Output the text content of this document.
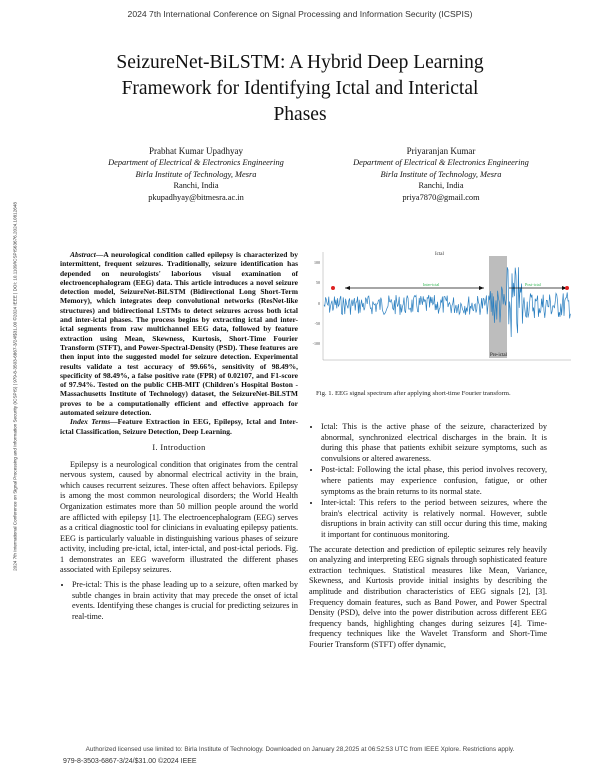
2024 7th International Conference on Signal Processing and Information Security (ICSPIS)
2024 7th International Conference on Signal Processing and Information Security (ICSPIS) | 979-8-3503-6867-3/24/$31.00 ©2024 IEEE | DOI: 10.1109/ICSPIS63676.2024.10812648
SeizureNet-BiLSTM: A Hybrid Deep Learning
Framework for Identifying Ictal and Interictal
Phases
Prabhat Kumar Upadhyay
Department of Electrical & Electronics Engineering
Birla Institute of Technology, Mesra
Ranchi, India
pkupadhyay@bitmesra.ac.in
Priyaranjan Kumar
Department of Electrical & Electronics Engineering
Birla Institute of Technology, Mesra
Ranchi, India
priya7870@gmail.com

Abstract—A neurological condition called epilepsy is characterized by intermittent, frequent seizures. Traditionally, seizure identification has depended on neurologists' laborious visual examination of electroencephalogram (EEG) data. This article introduces a novel seizure detection model, SeizureNet-BiLSTM (Bidirectional Long Short-Term Memory), which integrates deep convolutional networks (ResNet-like structures) and bidirectional LSTMs to detect seizures across both ictal and inter-ictal phases. The process begins by extracting ictal and inter-ictal segments from raw multichannel EEG data, followed by feature extraction using Mean, Skewness, Kurtosis, Short-Time Fourier Transform (STFT), and Power-Spectral-Density (PSD). These features are then input into the suggested model for seizure detection. Experimental results validate a test accuracy of 99.66%, sensitivity of 98.49%, specificity of 98.49%, a false positive rate (FPR) of 0.02107, and F1-score of 97.94%. Tested on the public CHB-MIT (Children's Hospital Boston - Massachusetts Institute of Technology) dataset, the SeizureNet-BiLSTM proves to be a computationally efficient and effective approach for automated seizure detection.

Index Terms—Feature Extraction in EEG, Epilepsy, Ictal and Inter-ictal Classification, Seizure Detection, Deep Learning.

I. Introduction

Epilepsy is a neurological condition that originates from the central nervous system, caused by abnormal electrical activity in the brain, which causes recurrent seizures. These often affect behaviors. Epilepsy is among the most common neurological disorders; the World Health Organization estimates more than 50 million people around the world are afflicted with epilepsy [1]. The electroencephalogram (EEG) serves as a critical diagnostic tool for clinicians in evaluating epilepsy patients. EEG is particularly valuable in distinguishing various phases of seizure activity, including pre-ictal, ictal, inter-ictal, and post-ictal periods. Fig. 1 demonstrates an EEG waveform illustrated the different phases associated with Epilepsy seizures.

• Pre-ictal: This is the phase leading up to a seizure, often marked by subtle changes in brain activity that may precede the onset of ictal events. Identifying these changes is crucial for predicting seizures in real-time.
100
50
0
-50
-100
Ictal
Inter-ictal	Post-ictal
Pre-ictal
Fig. 1. EEG signal spectrum after applying short-time Fourier transform.
• Ictal: This is the active phase of the seizure, characterized by abnormal, synchronized electrical discharges in the brain. It is during this phase that patients exhibit seizure symptoms, such as convulsions or altered awareness.
• Post-ictal: Following the ictal phase, this period involves recovery, where patients may experience confusion, fatigue, or other symptoms as the brain returns to its normal state.
• Inter-ictal: This refers to the period between seizures, where the brain's electrical activity is relatively normal. However, subtle disruptions in brain activity can still occur during this time, making it important for continuous monitoring.

The accurate detection and prediction of epileptic seizures rely heavily on analyzing and interpreting EEG signals through sophisticated feature extraction techniques. Statistical measures like Mean, Variance, Skewness, and Kurtosis provide initial insights by describing the amplitude and distribution characteristics of EEG signals [2], [3]. Frequency domain features, such as Band Power, and Power Spectral Density (PSD), delve into the power distribution across different EEG frequency bands, highlighting changes during seizures [4]. Time-frequency techniques like the Wavelet Transform and Short-Time Fourier Transform (STFT) offer dynamic,

Authorized licensed use limited to: Birla Institute of Technology. Downloaded on January 28,2025 at 06:52:53 UTC from IEEE Xplore. Restrictions apply.
979-8-3503-6867-3/24/$31.00 ©2024 IEEE
